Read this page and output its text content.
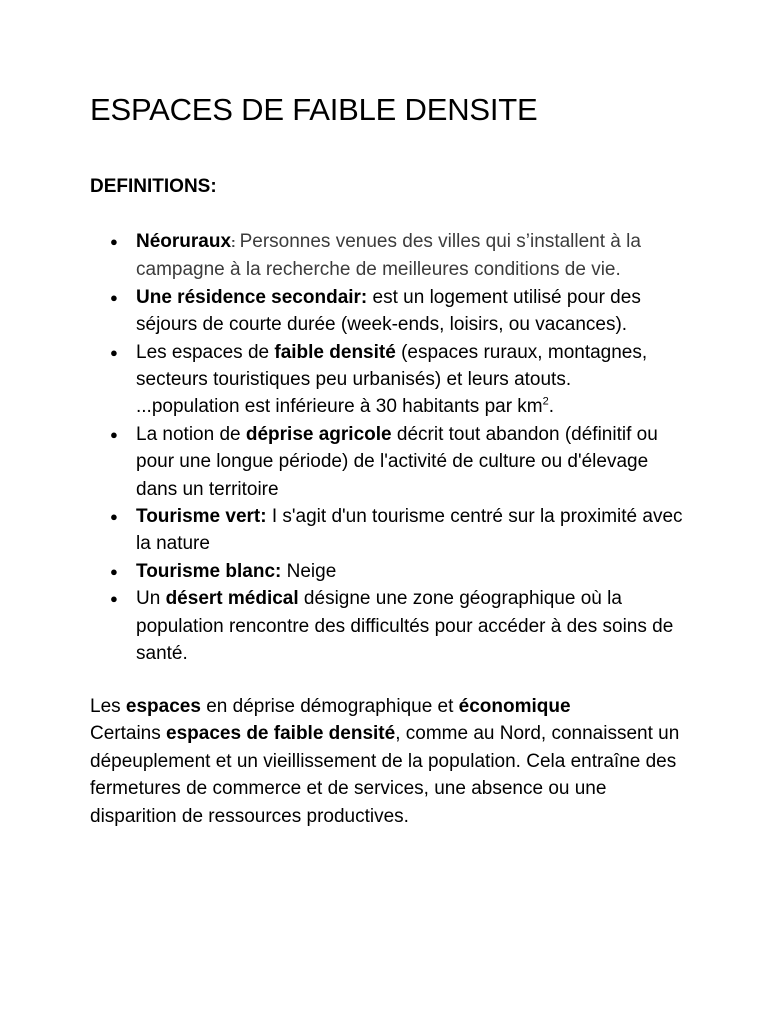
ESPACES DE FAIBLE DENSITE
DEFINITIONS:
● Néoruraux: Personnes venues des villes qui s’installent à la campagne à la recherche de meilleures conditions de vie.
● Une résidence secondair: est un logement utilisé pour des séjours de courte durée (week-ends, loisirs, ou vacances).
● Les espaces de faible densité (espaces ruraux, montagnes, secteurs touristiques peu urbanisés) et leurs atouts.
...population est inférieure à 30 habitants par $km^2$.
● La notion de déprise agricole décrit tout abandon (définitif ou pour une longue période) de l'activité de culture ou d'élevage dans un territoire
● Tourisme vert: I s'agit d'un tourisme centré sur la proximité avec la nature
● Tourisme blanc: Neige
● Un désert médical désigne une zone géographique où la population rencontre des difficultés pour accéder à des soins de santé.

Les espaces en déprise démographique et économique
Certains espaces de faible densité, comme au Nord, connaissent un dépeuplement et un vieillissement de la population. Cela entraîne des fermetures de commerce et de services, une absence ou une disparition de ressources productives.
